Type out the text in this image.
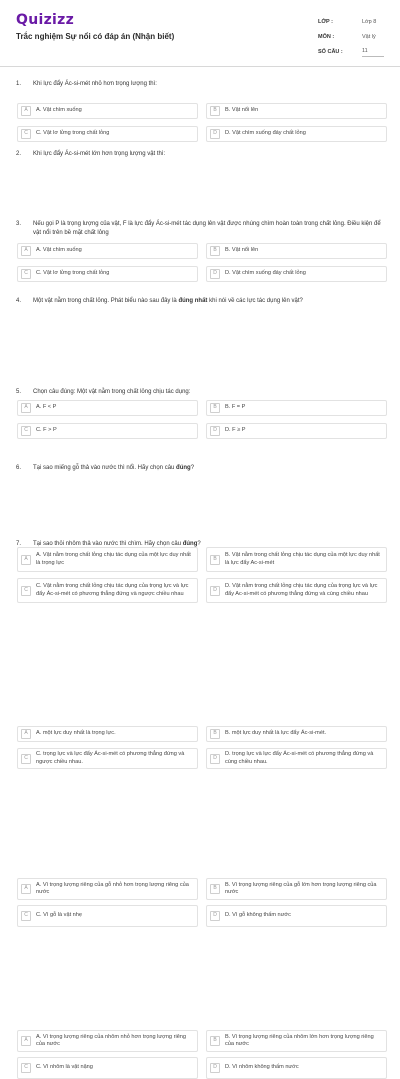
Quizizz
Trắc nghiệm Sự nổi có đáp án (Nhận biết)
LỚP :	Lớp 8
MÔN :	Vật lý
SỐ CÂU :	11
1.	Khi lực đẩy Ác-si-mét nhỏ hơn trọng lượng thì:
A	A. Vật chìm xuống	B	B. Vật nổi lên
C	C. Vật lơ lửng trong chất lỏng	D	D. Vật chìm xuống đáy chất lỏng
2.	Khi lực đẩy Ác-si-mét lớn hơn trọng lượng vật thì:
A	A. Vật chìm xuống	B	B. Vật nổi lên
C	C. Vật lơ lửng trong chất lỏng	D	D. Vật chìm xuống đáy chất lỏng
3.	Nếu gọi P là trọng lượng của vật, F là lực đẩy Ác-si-mét tác dụng lên vật được nhúng chìm hoàn toàn trong chất lỏng. Điều kiện để vật nổi trên bề mặt chất lỏng
A	A. F < P	B	B. F = P
C	C. F > P	D	D. F ≥ P
4.	Một vật nằm trong chất lỏng. Phát biểu nào sau đây là đúng nhất khi nói về các lực tác dụng lên vật?
A
A. Vật nằm trong chất lỏng chịu tác dụng của một lực duy nhất là trọng lực
B
B. Vật nằm trong chất lỏng chịu tác dụng của một lực duy nhất là lực đẩy Ac-si-mét
C
C. Vật nằm trong chất lỏng chịu tác dụng của trọng lực và lực đẩy Ác-si-mét có phương thẳng đứng và ngược chiều nhau
D
D. Vật nằm trong chất lỏng chịu tác dụng của trọng lực và lực đẩy Ac-si-mét có phương thẳng đứng và cùng chiều nhau
5.	Chọn câu đúng: Một vật nằm trong chất lỏng chịu tác dụng:
A	A. một lực duy nhất là trọng lực.	B	B. một lực duy nhất là lực đẩy Ác-si-mét.
C
C. trọng lực và lực đẩy Ác-si-mét có phương thẳng đứng và ngược chiều nhau.
D
D. trọng lực và lực đẩy Ác-si-mét có phương thẳng đứng và cùng chiều nhau.
6.	Tại sao miếng gỗ thả vào nước thì nổi. Hãy chọn câu đúng?
A
A. Vì trọng lượng riêng của gỗ nhỏ hơn trọng lượng riêng của nước
B
B. Vì trọng lượng riêng của gỗ lớn hơn trọng lượng riêng của nước
C	C. Vì gỗ là vật nhẹ	D	D. Vì gỗ không thấm nước
7.	Tại sao thỏi nhôm thả vào nước thì chìm. Hãy chọn câu đúng?
A
A. Vì trọng lượng riêng của nhôm nhỏ hơn trọng lượng riêng của nước
B
B. Vì trọng lượng riêng của nhôm lớn hơn trọng lượng riêng của nước
C	C. Vì nhôm là vật nặng	D	D. Vì nhôm không thấm nước
